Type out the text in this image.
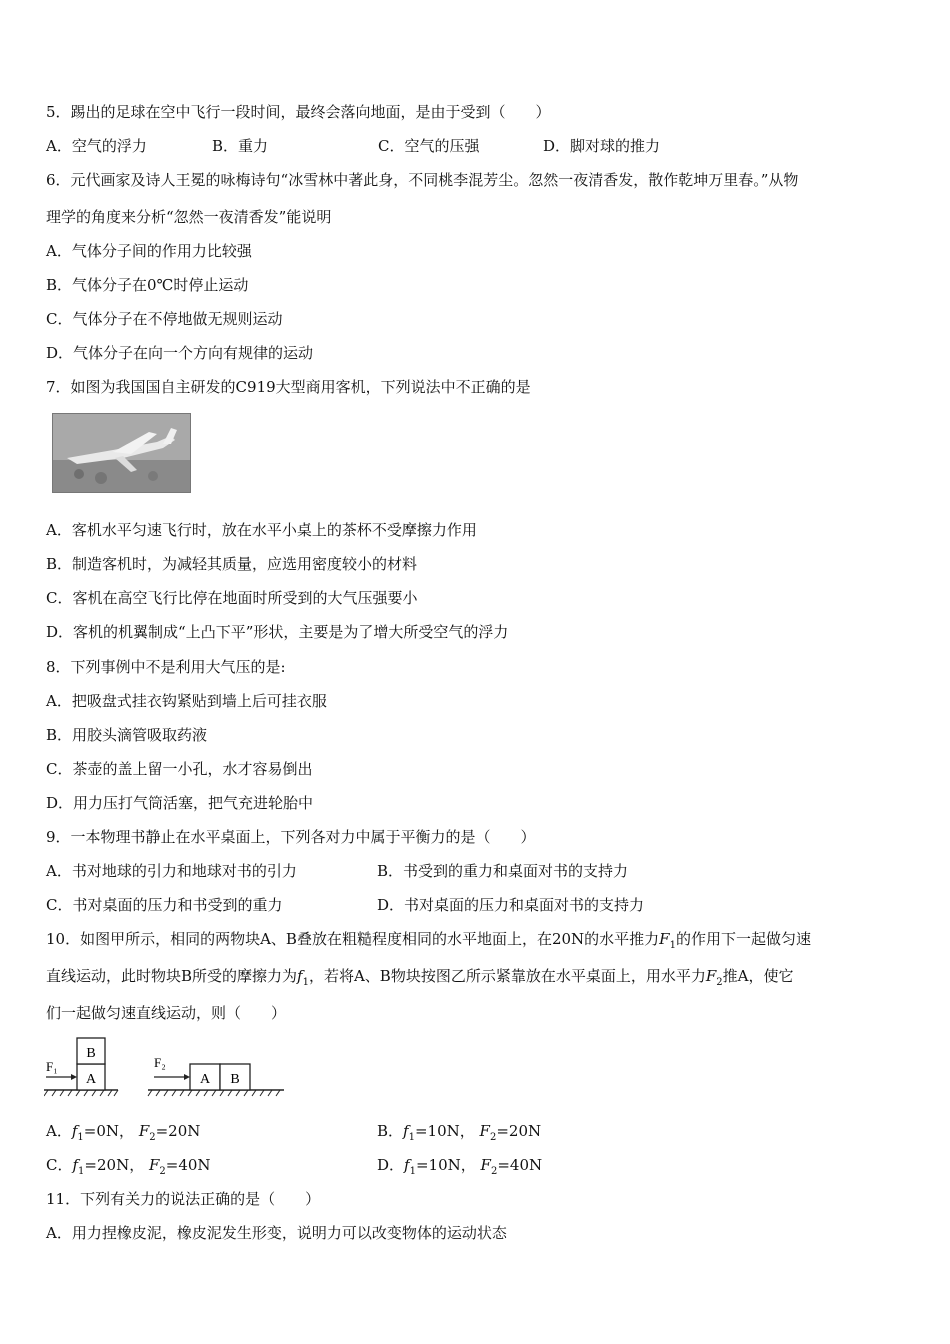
5．踢出的足球在空中飞行一段时间，最终会落向地面，是由于受到（　　）
A．空气的浮力	B．重力	C．空气的压强	D．脚对球的推力
6．元代画家及诗人王冕的咏梅诗句“冰雪林中著此身，不同桃李混芳尘。忽然一夜清香发，散作乾坤万里春。”从物
理学的角度来分析“忽然一夜清香发”能说明
A．气体分子间的作用力比较强
B．气体分子在0℃时停止运动
C．气体分子在不停地做无规则运动
D．气体分子在向一个方向有规律的运动
7．如图为我国国自主研发的C919大型商用客机，下列说法中不正确的是
A．客机水平匀速飞行时，放在水平小桌上的茶杯不受摩擦力作用
B．制造客机时，为减轻其质量，应选用密度较小的材料
C．客机在高空飞行比停在地面时所受到的大气压强要小
D．客机的机翼制成“上凸下平”形状，主要是为了增大所受空气的浮力
8．下列事例中不是利用大气压的是:
A．把吸盘式挂衣钩紧贴到墙上后可挂衣服
B．用胶头滴管吸取药液
C．茶壶的盖上留一小孔，水才容易倒出
D．用力压打气筒活塞，把气充进轮胎中
9．一本物理书静止在水平桌面上，下列各对力中属于平衡力的是（　　）
A．书对地球的引力和地球对书的引力	B．书受到的重力和桌面对书的支持力
C．书对桌面的压力和书受到的重力	D．书对桌面的压力和桌面对书的支持力
10．如图甲所示，相同的两物块A、B叠放在粗糙程度相同的水平地面上，在20N的水平推力$F_1$的作用下一起做匀速
直线运动，此时物块B所受的摩擦力为$f_1$，若将A、B物块按图乙所示紧靠放在水平桌面上，用水平力$F_2$推A，使它
们一起做匀速直线运动，则（　　）
A
B
F₁
A B
F₂
A．$f_1=0N$， $F_2=20N$	B．$f_1=10N$， $F_2=20N$
C．$f_1=20N$， $F_2=40N$	D．$f_1=10N$， $F_2=40N$
11．下列有关力的说法正确的是（　　）
A．用力捏橡皮泥，橡皮泥发生形变，说明力可以改变物体的运动状态
